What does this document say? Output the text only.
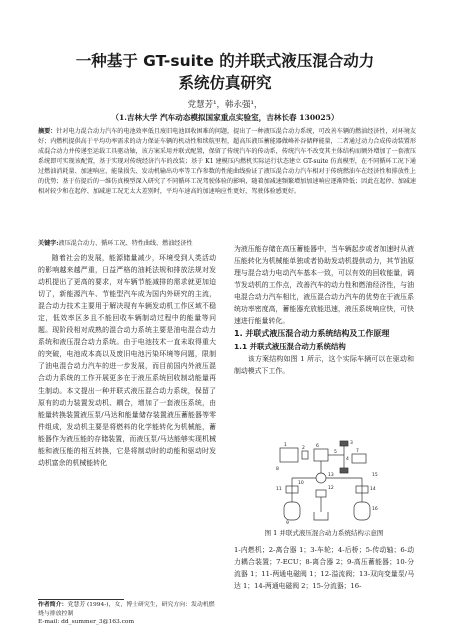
一种基于 GT-suite 的并联式液压混合动力
系统仿真研究
党慧芳¹，韩永强¹，
（1.吉林大学 汽车动态模拟国家重点实验室，吉林长春 130025）
摘要：针对电力混合动力汽车的电池效率低且废旧电池回收困难的问题，提出了一种液压混合动力系统，可改善车辆的燃油经济性，对环境友好；内燃机提供高于平均功率需求的动力保证车辆的机动性和续航里程，超高压液压蓄能器做峰补谷储释能量，二者通过动力合成传动装置形成混合动力并传递至运载工具驱动轴，该方案采用并联式配置，保留了传统汽车的传动系，传统汽车不改变其主体结构而额外增加了一套液压系统即可实现该配置，基于实现对传统经济汽车的改装；基于 K1 建模压内燃机实际运行状态建立 GT-suite 仿真模型，在不同循环工况下通过燃油消耗量、加速响应、能量损失、发动机输出功率等工作参数的性能曲线验证了液压混合动力汽车相对于传统燃油车在经济性和排放性上的优势；基于仿提后的一维仿真模型深入研究了不同循环工况驾驶体验的影响，随着加减速频繁增加加速响应逐渐降低；因此在起停、加减速相对较少和在起停、加减速工况无太大差别时，平均车速高的加速响应性更好，驾驶体验感更好。
关键字:液压混合动力、循环工况、特性曲线、燃油经济性

随着社会的发展，能源储量减少，环境受到人类活动的影响越来越严重，日益严格的油耗法规和排放法规对发动机提出了更高的要求，对车辆节能减排的需求就更加迫切了，新能源汽车、节能型汽车成为国内外研究的主流，混合动力技术主要用于解决现有车辆发动机工作区域不稳定，低效率区多且不能回收车辆制动过程中的能量等问题。现阶段相对成熟的混合动力系统主要是油电混合动力系统和液压混合动力系统。由于电池技术一直未取得重大的突破，电池成本高以及废旧电池污染环境等问题，限制了油电混合动力汽车的进一步发展，而目前国内外液压混合动力系统的工作开展更多在于液压系统回收制动能量再生制动。本文提出一种并联式液压混合动力系统，保留了原有的动力装置发动机、耦合，增加了一套液压系统，由能量转换装置液压泵/马达和能量储存装置液压蓄能器等零件组成，发动机主要是将燃料的化学能转化为机械能，蓄能器作为液压能的存储装置，而液压泵/马达能够实现机械能和液压能的相互转换，它是将制动时的动能和驱动时发动机富余的机械能转化

为液压能存储在高压蓄能器中，当车辆起步或者加速时从液压能转化为机械能单独或者协助发动机提供动力，其节油原理与混合动力电动汽车基本一致，可以有效的回收能量，调节发动机的工作点，改善汽车的动力性和燃油经济性，与油电混合动力汽车相比，液压混合动力汽车的优势在于液压系统功率密度高，蓄能器充放能迅速，液压系统响应快，可快速进行能量转化。

1. 并联式液压混合动力系统结构及工作原理

1.1 并联式液压混合动力系统结构

该方案结构如图 1 所示，这个实际车辆可以在驱动和制动模式下工作。

1
2
3
4
5
6
7
8
9
10
11	12
13
14
15
16
图 1 并联式液压混合动力系统结构示意图
1-内燃机；2-离合器 1；3-车轮；4-后桥；5-传动轴；6-动力耦合装置；7-ECU；8-离合器 2；9-高压蓄能器；10-分流器 1；11-两通电磁阀 1；12-溢流阀；13-双向变量泵/马达 1；14-两通电磁阀 2；15-分流器；16-
作者简介：党慧芳 (1994-)，女，博士研究生，研究方向：发动机燃烧与排放控制
E-mail: dd_summer_3@163.com
